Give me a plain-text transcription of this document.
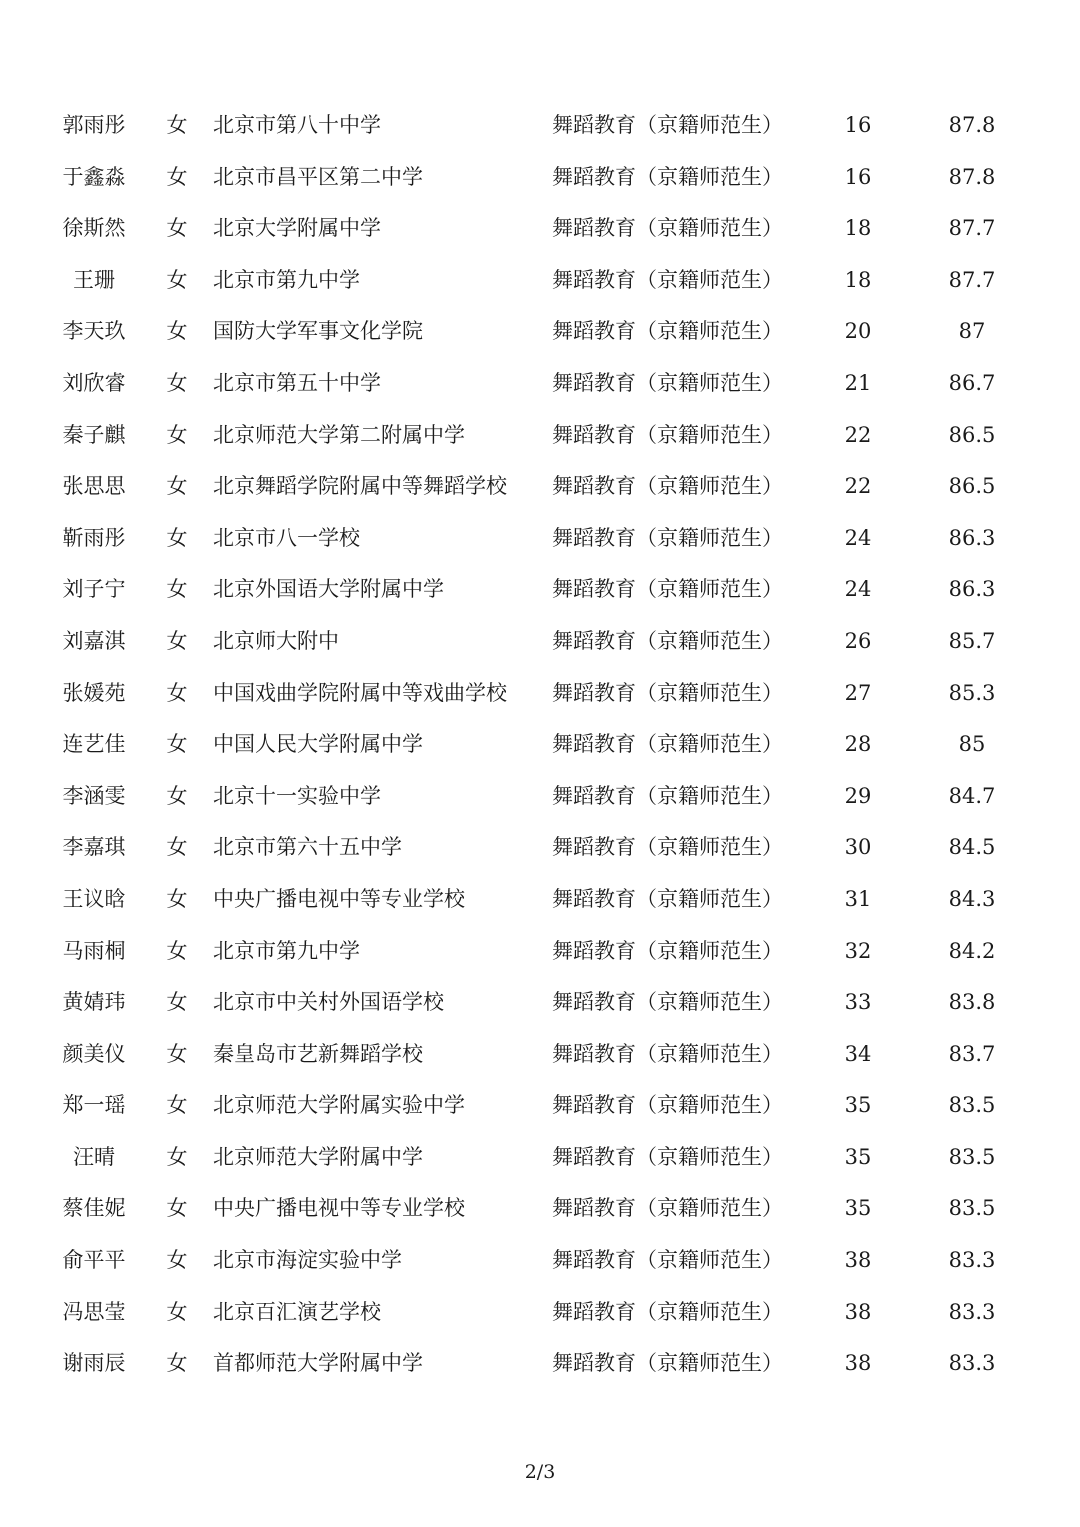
郭雨彤 女 北京市第八十中学	舞蹈教育（京籍师范生）	16	87.8
于鑫淼 女 北京市昌平区第二中学	舞蹈教育（京籍师范生）	16	87.8
徐斯然 女 北京大学附属中学	舞蹈教育（京籍师范生）	18	87.7
王珊	女 北京市第九中学	舞蹈教育（京籍师范生）	18	87.7
李天玖 女 国防大学军事文化学院	舞蹈教育（京籍师范生）	20	87
刘欣睿 女 北京市第五十中学	舞蹈教育（京籍师范生）	21	86.7
秦子麒 女 北京师范大学第二附属中学	舞蹈教育（京籍师范生）	22	86.5
张思思 女 北京舞蹈学院附属中等舞蹈学校	舞蹈教育（京籍师范生）	22	86.5
靳雨彤 女 北京市八一学校	舞蹈教育（京籍师范生）	24	86.3
刘子宁 女 北京外国语大学附属中学	舞蹈教育（京籍师范生）	24	86.3
刘嘉淇 女 北京师大附中	舞蹈教育（京籍师范生）	26	85.7
张媛苑 女 中国戏曲学院附属中等戏曲学校	舞蹈教育（京籍师范生）	27	85.3
连艺佳 女 中国人民大学附属中学	舞蹈教育（京籍师范生）	28	85
李涵雯 女 北京十一实验中学	舞蹈教育（京籍师范生）	29	84.7
李嘉琪 女 北京市第六十五中学	舞蹈教育（京籍师范生）	30	84.5
王议晗 女 中央广播电视中等专业学校	舞蹈教育（京籍师范生）	31	84.3
马雨桐 女 北京市第九中学	舞蹈教育（京籍师范生）	32	84.2
黄婧玮 女 北京市中关村外国语学校	舞蹈教育（京籍师范生）	33	83.8
颜美仪 女 秦皇岛市艺新舞蹈学校	舞蹈教育（京籍师范生）	34	83.7
郑一瑶 女 北京师范大学附属实验中学	舞蹈教育（京籍师范生）	35	83.5
汪晴	女 北京师范大学附属中学	舞蹈教育（京籍师范生）	35	83.5
蔡佳妮 女 中央广播电视中等专业学校	舞蹈教育（京籍师范生）	35	83.5
俞平平 女 北京市海淀实验中学	舞蹈教育（京籍师范生）	38	83.3
冯思莹 女 北京百汇演艺学校	舞蹈教育（京籍师范生）	38	83.3
谢雨辰 女 首都师范大学附属中学	舞蹈教育（京籍师范生）	38	83.3
2/3
